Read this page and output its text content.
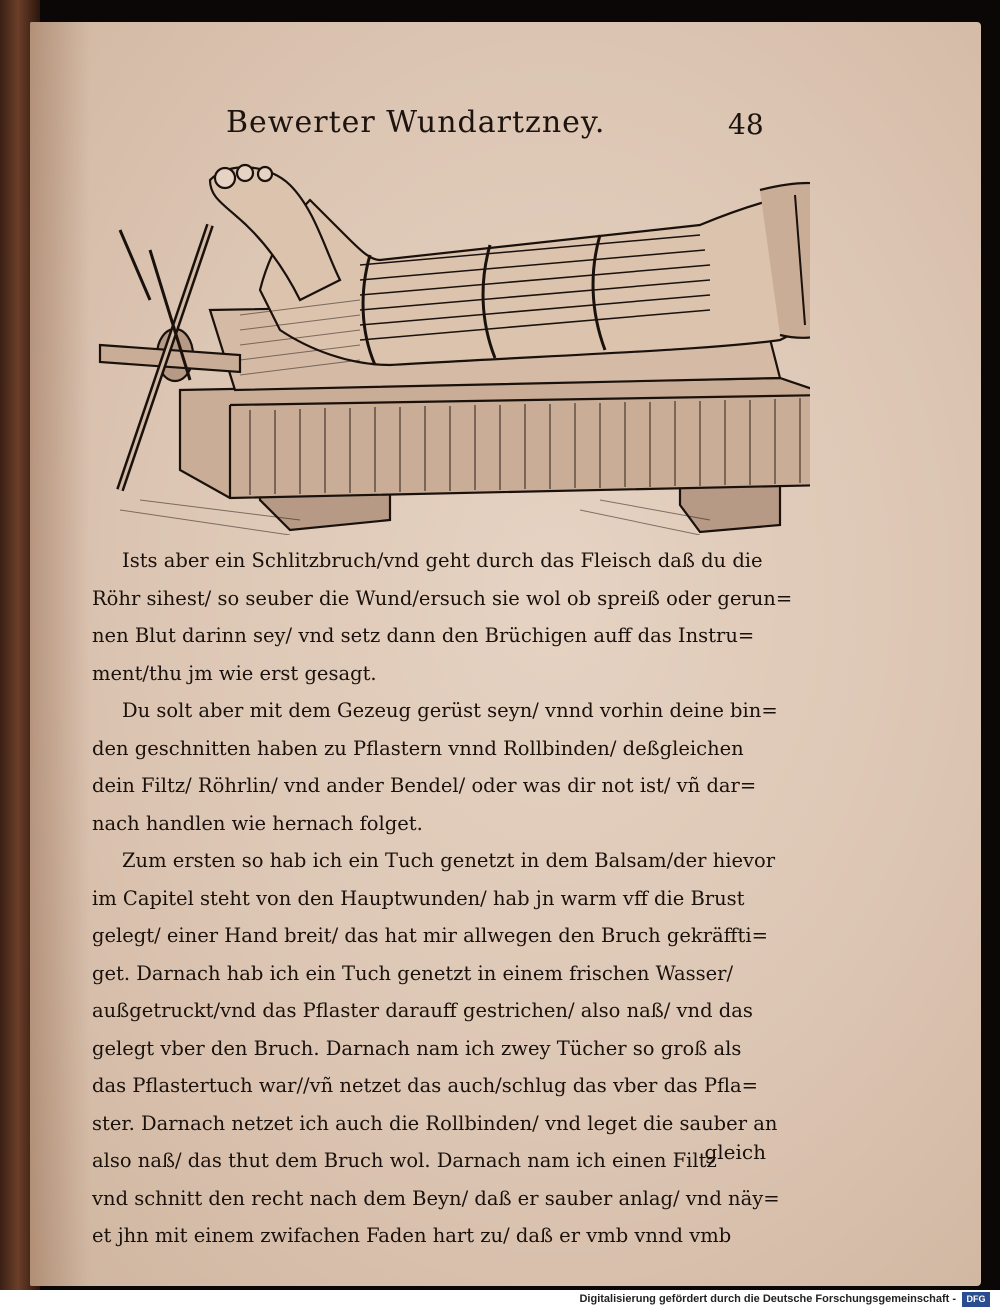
Bewerter Wundartzney.	48
Ists aber ein Schlitzbruch/vnd geht durch das Fleisch daß du die
Röhr sihest/ so seuber die Wund/ersuch sie wol ob spreiß oder gerun=
nen Blut darinn sey/ vnd setz dann den Brüchigen auff das Instru=
ment/thu jm wie erst gesagt.
Du solt aber mit dem Gezeug gerüst seyn/ vnnd vorhin deine bin=
den geschnitten haben zu Pflastern vnnd Rollbinden/ deßgleichen
dein Filtz/ Röhrlin/ vnd ander Bendel/ oder was dir not ist/ vñ dar=
nach handlen wie hernach folget.
Zum ersten so hab ich ein Tuch genetzt in dem Balsam/der hievor
im Capitel steht von den Hauptwunden/ hab jn warm vff die Brust
gelegt/ einer Hand breit/ das hat mir allwegen den Bruch gekräffti=
get. Darnach hab ich ein Tuch genetzt in einem frischen Wasser/
außgetruckt/vnd das Pflaster darauff gestrichen/ also naß/ vnd das
gelegt vber den Bruch. Darnach nam ich zwey Tücher so groß als
das Pflastertuch war//vñ netzet das auch/schlug das vber das Pfla=
ster. Darnach netzet ich auch die Rollbinden/ vnd leget die sauber an
also naß/ das thut dem Bruch wol. Darnach nam ich einen Filtz
vnd schnitt den recht nach dem Beyn/ daß er sauber anlag/ vnd näy=
et jhn mit einem zwifachen Faden hart zu/ daß er vmb vnnd vmb
gleich
Digitalisierung gefördert durch die Deutsche Forschungsgemeinschaft -	DFG
